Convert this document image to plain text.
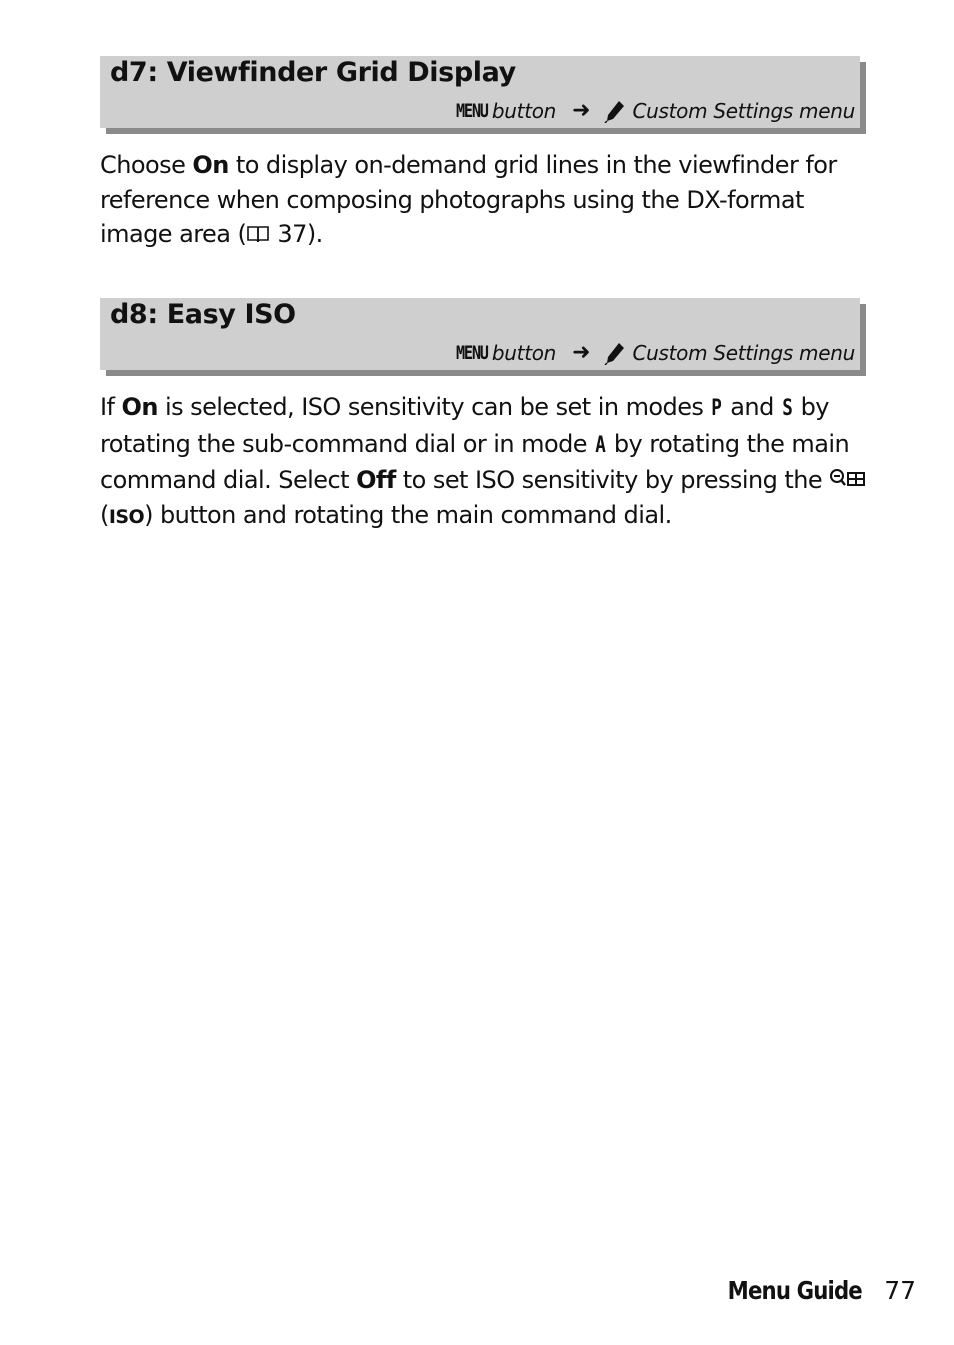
d7: Viewfinder Grid Display
MENU button ➜ Custom Settings menu

Choose On to display on-demand grid lines in the viewfinder for reference when composing photographs using the DX-format image area ( 37).

d8: Easy ISO
MENU button ➜ Custom Settings menu

If On is selected, ISO sensitivity can be set in modes P and S by rotating the sub-command dial or in mode A by rotating the main command dial. Select Off to set ISO sensitivity by pressing the  (ISO) button and rotating the main command dial.

Menu Guide 77
